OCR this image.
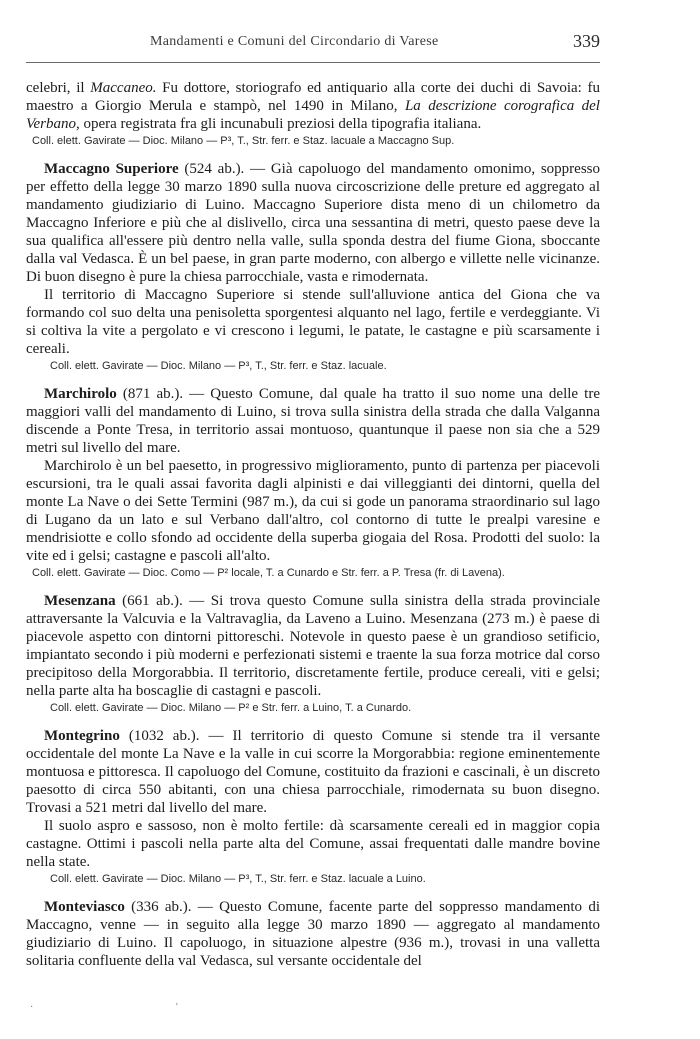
Mandamenti e Comuni del Circondario di Varese	339

celebri, il Maccaneo. Fu dottore, storiografo ed antiquario alla corte dei duchi di Savoia: fu maestro a Giorgio Merula e stampò, nel 1490 in Milano, La descrizione corografica del Verbano, opera registrata fra gli incunabuli preziosi della tipografia italiana.

Coll. elett. Gavirate — Dioc. Milano — P³, T., Str. ferr. e Staz. lacuale a Maccagno Sup.

Maccagno Superiore (524 ab.). — Già capoluogo del mandamento omonimo, soppresso per effetto della legge 30 marzo 1890 sulla nuova circoscrizione delle preture ed aggregato al mandamento giudiziario di Luino. Maccagno Superiore dista meno di un chilometro da Maccagno Inferiore e più che al dislivello, circa una sessantina di metri, questo paese deve la sua qualifica all'essere più dentro nella valle, sulla sponda destra del fiume Giona, sboccante dalla val Vedasca. È un bel paese, in gran parte moderno, con albergo e villette nelle vicinanze. Di buon disegno è pure la chiesa parrocchiale, vasta e rimodernata.

Il territorio di Maccagno Superiore si stende sull'alluvione antica del Giona che va formando col suo delta una penisoletta sporgentesi alquanto nel lago, fertile e verdeggiante. Vi si coltiva la vite a pergolato e vi crescono i legumi, le patate, le castagne e più scarsamente i cereali.

Coll. elett. Gavirate — Dioc. Milano — P³, T., Str. ferr. e Staz. lacuale.

Marchirolo (871 ab.). — Questo Comune, dal quale ha tratto il suo nome una delle tre maggiori valli del mandamento di Luino, si trova sulla sinistra della strada che dalla Valganna discende a Ponte Tresa, in territorio assai montuoso, quantunque il paese non sia che a 529 metri sul livello del mare.

Marchirolo è un bel paesetto, in progressivo miglioramento, punto di partenza per piacevoli escursioni, tra le quali assai favorita dagli alpinisti e dai villeggianti dei dintorni, quella del monte La Nave o dei Sette Termini (987 m.), da cui si gode un panorama straordinario sul lago di Lugano da un lato e sul Verbano dall'altro, col contorno di tutte le prealpi varesine e mendrisiotte e collo sfondo ad occidente della superba giogaia del Rosa. Prodotti del suolo: la vite ed i gelsi; castagne e pascoli all'alto.

Coll. elett. Gavirate — Dioc. Como — P² locale, T. a Cunardo e Str. ferr. a P. Tresa (fr. di Lavena).

Mesenzana (661 ab.). — Si trova questo Comune sulla sinistra della strada provinciale attraversante la Valcuvia e la Valtravaglia, da Laveno a Luino. Mesenzana (273 m.) è paese di piacevole aspetto con dintorni pittoreschi. Notevole in questo paese è un grandioso setificio, impiantato secondo i più moderni e perfezionati sistemi e traente la sua forza motrice dal corso precipitoso della Morgorabbia. Il territorio, discretamente fertile, produce cereali, viti e gelsi; nella parte alta ha boscaglie di castagni e pascoli.

Coll. elett. Gavirate — Dioc. Milano — P² e Str. ferr. a Luino, T. a Cunardo.

Montegrino (1032 ab.). — Il territorio di questo Comune si stende tra il versante occidentale del monte La Nave e la valle in cui scorre la Morgorabbia: regione eminentemente montuosa e pittoresca. Il capoluogo del Comune, costituito da frazioni e cascinali, è un discreto paesotto di circa 550 abitanti, con una chiesa parrocchiale, rimodernata su buon disegno. Trovasi a 521 metri dal livello del mare.

Il suolo aspro e sassoso, non è molto fertile: dà scarsamente cereali ed in maggior copia castagne. Ottimi i pascoli nella parte alta del Comune, assai frequentati dalle mandre bovine nella state.

Coll. elett. Gavirate — Dioc. Milano — P³, T., Str. ferr. e Staz. lacuale a Luino.

Monteviasco (336 ab.). — Questo Comune, facente parte del soppresso mandamento di Maccagno, venne — in seguito alla legge 30 marzo 1890 — aggregato al mandamento giudiziario di Luino. Il capoluogo, in situazione alpestre (936 m.), trovasi in una valletta solitaria confluente della val Vedasca, sul versante occidentale del

·	'
